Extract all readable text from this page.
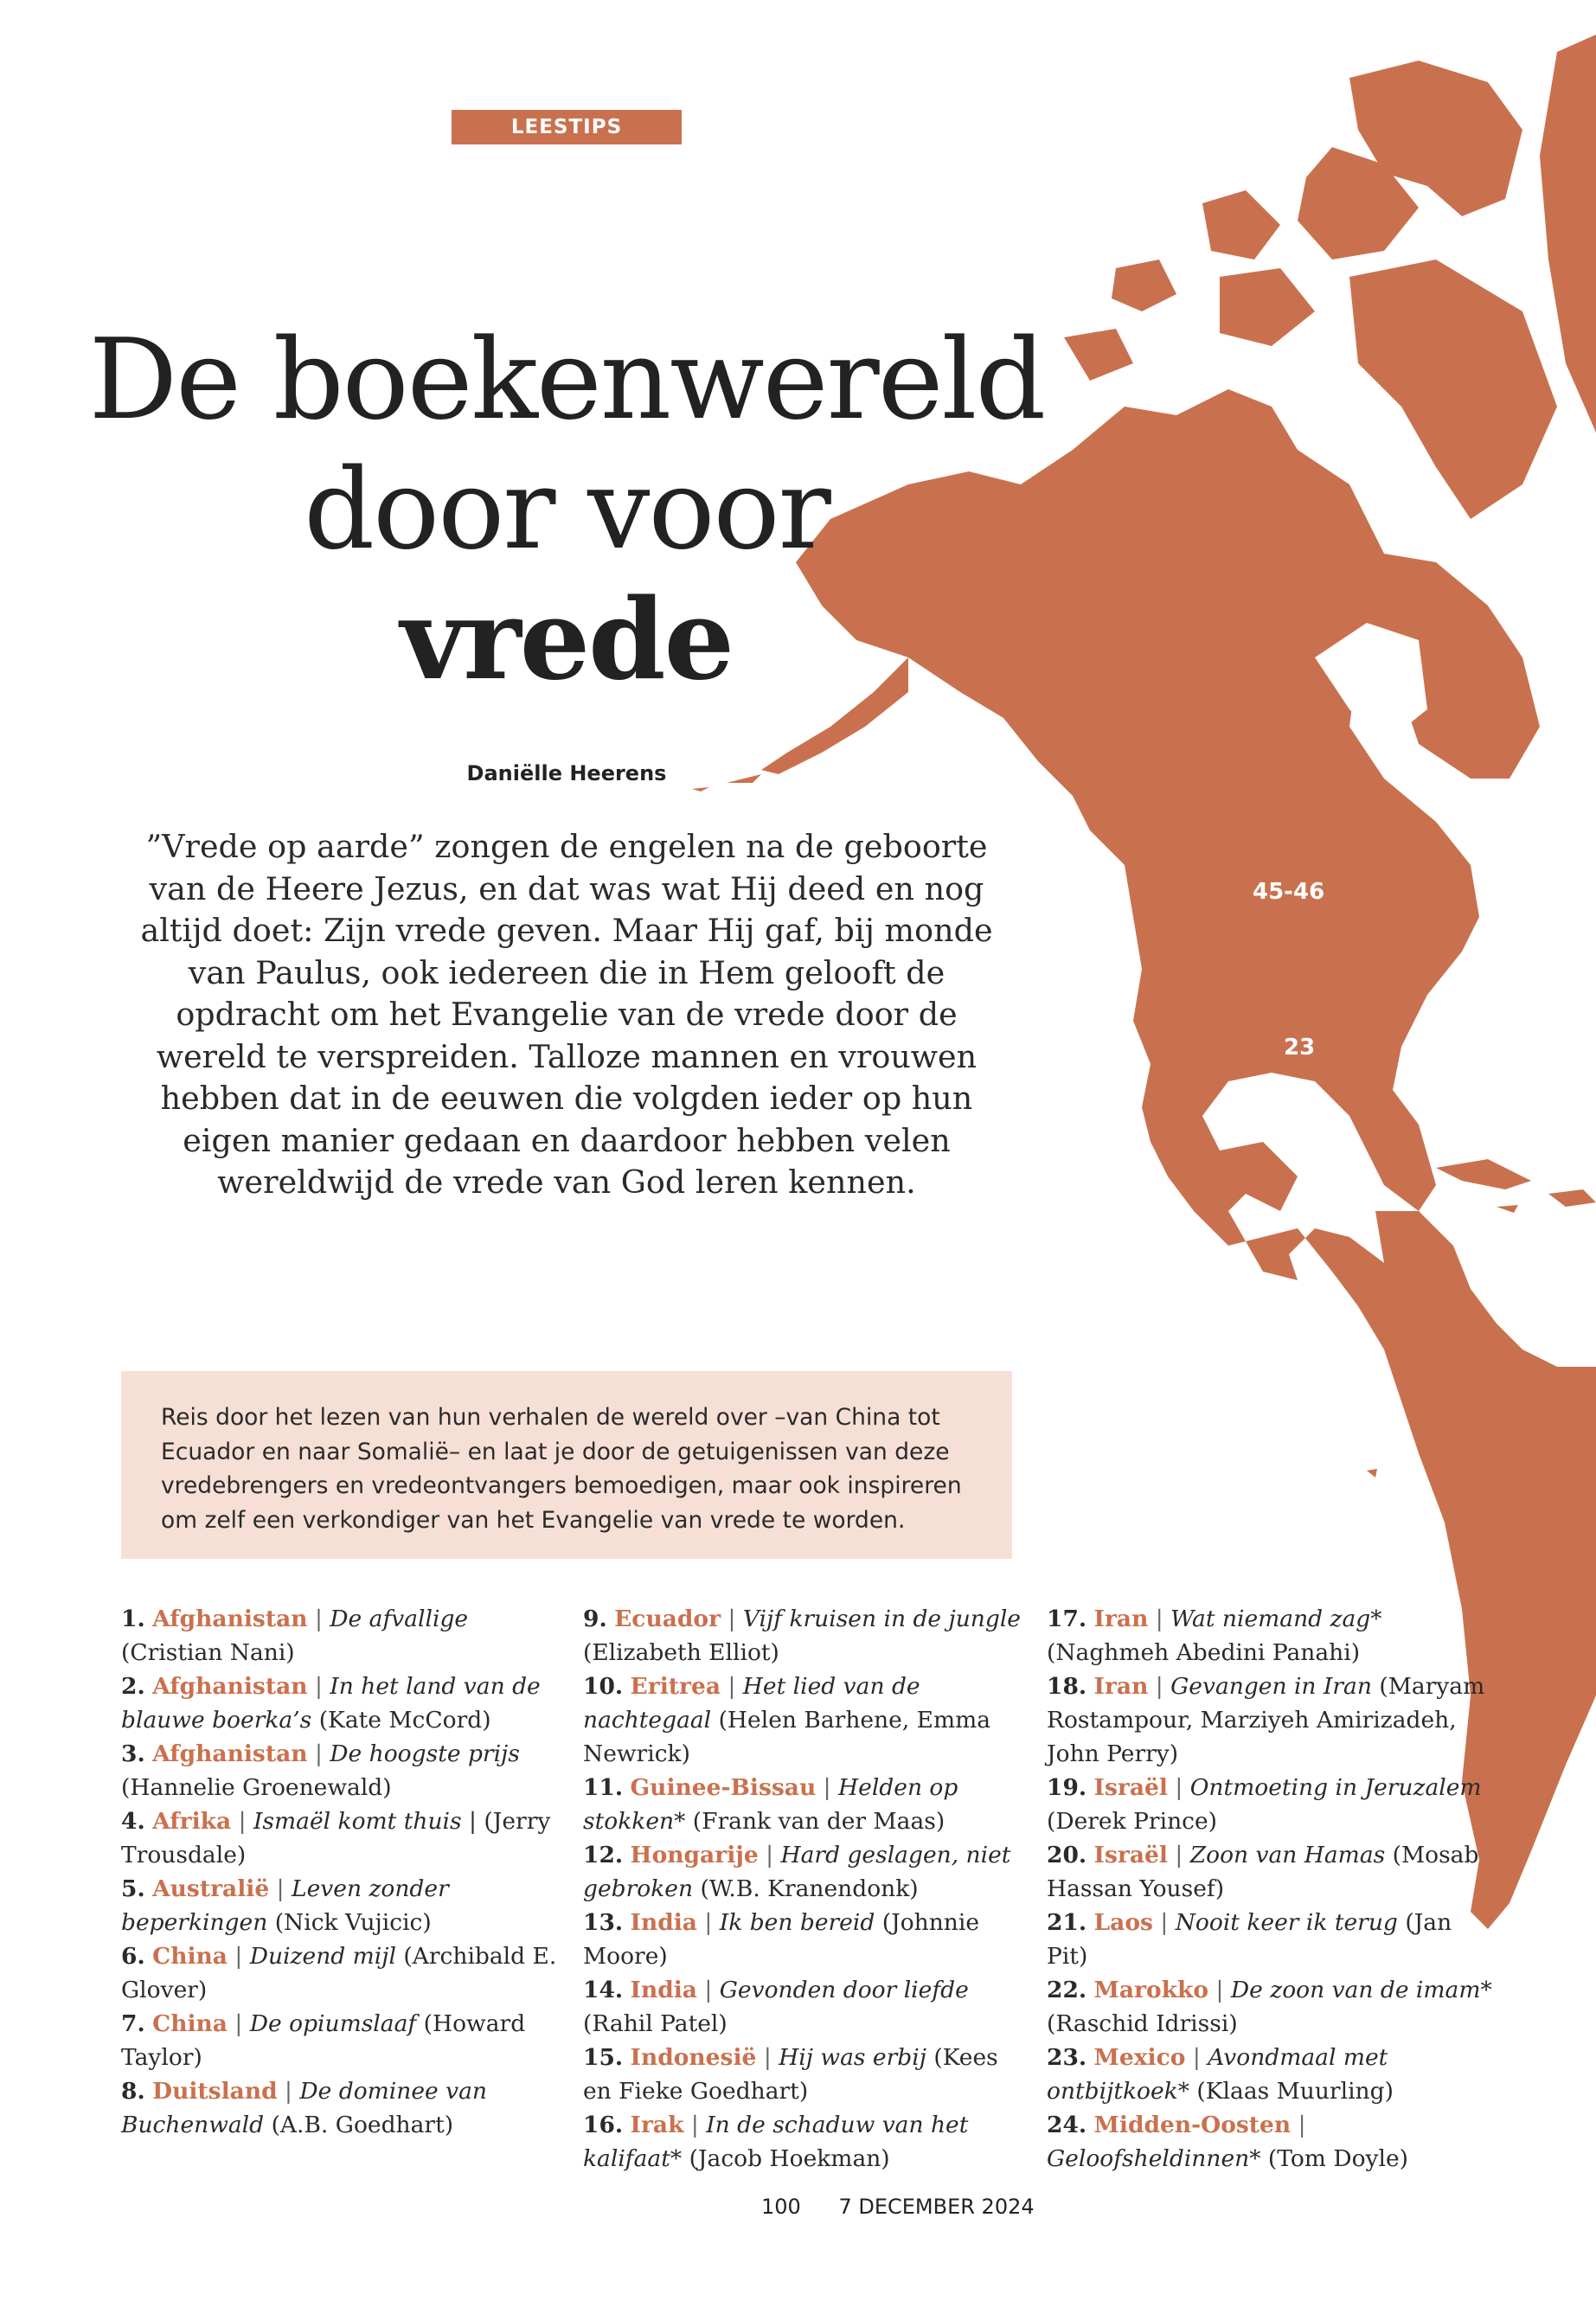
45-46
23
9
LEESTIPS
De boekenwereld
door voor
vrede
Daniëlle Heerens

”Vrede op aarde” zongen de engelen na de geboorte van de Heere Jezus, en dat was wat Hij deed en nog altijd doet: Zijn vrede geven. Maar Hij gaf, bij monde van Paulus, ook iedereen die in Hem gelooft de opdracht om het Evangelie van de vrede door de wereld te verspreiden. Talloze mannen en vrouwen hebben dat in de eeuwen die volgden ieder op hun eigen manier gedaan en daardoor hebben velen wereldwijd de vrede van God leren kennen.

Reis door het lezen van hun verhalen de wereld over –van China tot Ecuador en naar Somalië– en laat je door de getuigenissen van deze vredebrengers en vredeontvangers bemoedigen, maar ook inspireren om zelf een verkondiger van het Evangelie van vrede te worden.

1. Afghanistan | De afvallige (Cristian Nani)

2. Afghanistan | In het land van de blauwe boerka’s (Kate McCord)

3. Afghanistan | De hoogste prijs (Hannelie Groenewald)

4. Afrika | Ismaël komt thuis | (Jerry Trousdale)

5. Australië | Leven zonder beperkingen (Nick Vujicic)

6. China | Duizend mijl (Archibald E. Glover)

7. China | De opiumslaaf (Howard Taylor)

8. Duitsland | De dominee van Buchenwald (A.B. Goedhart)

9. Ecuador | Vijf kruisen in de jungle (Elizabeth Elliot)

10. Eritrea | Het lied van de nachtegaal (Helen Barhene, Emma Newrick)

11. Guinee-Bissau | Helden op stokken* (Frank van der Maas)

12. Hongarije | Hard geslagen, niet gebroken (W.B. Kranendonk)

13. India | Ik ben bereid (Johnnie Moore)

14. India | Gevonden door liefde (Rahil Patel)

15. Indonesië | Hij was erbij (Kees en Fieke Goedhart)

16. Irak | In de schaduw van het kalifaat* (Jacob Hoekman)

17. Iran | Wat niemand zag* (Naghmeh Abedini Panahi)

18. Iran | Gevangen in Iran (Maryam Rostampour, Marziyeh Amirizadeh, John Perry)

19. Israël | Ontmoeting in Jeruzalem (Derek Prince)

20. Israël | Zoon van Hamas (Mosab Hassan Yousef)

21. Laos | Nooit keer ik terug (Jan Pit)

22. Marokko | De zoon van de imam* (Raschid Idrissi)

23. Mexico | Avondmaal met ontbijtkoek* (Klaas Muurling)

24. Midden-Oosten | Geloofsheldinnen* (Tom Doyle)

100 7 DECEMBER 2024
